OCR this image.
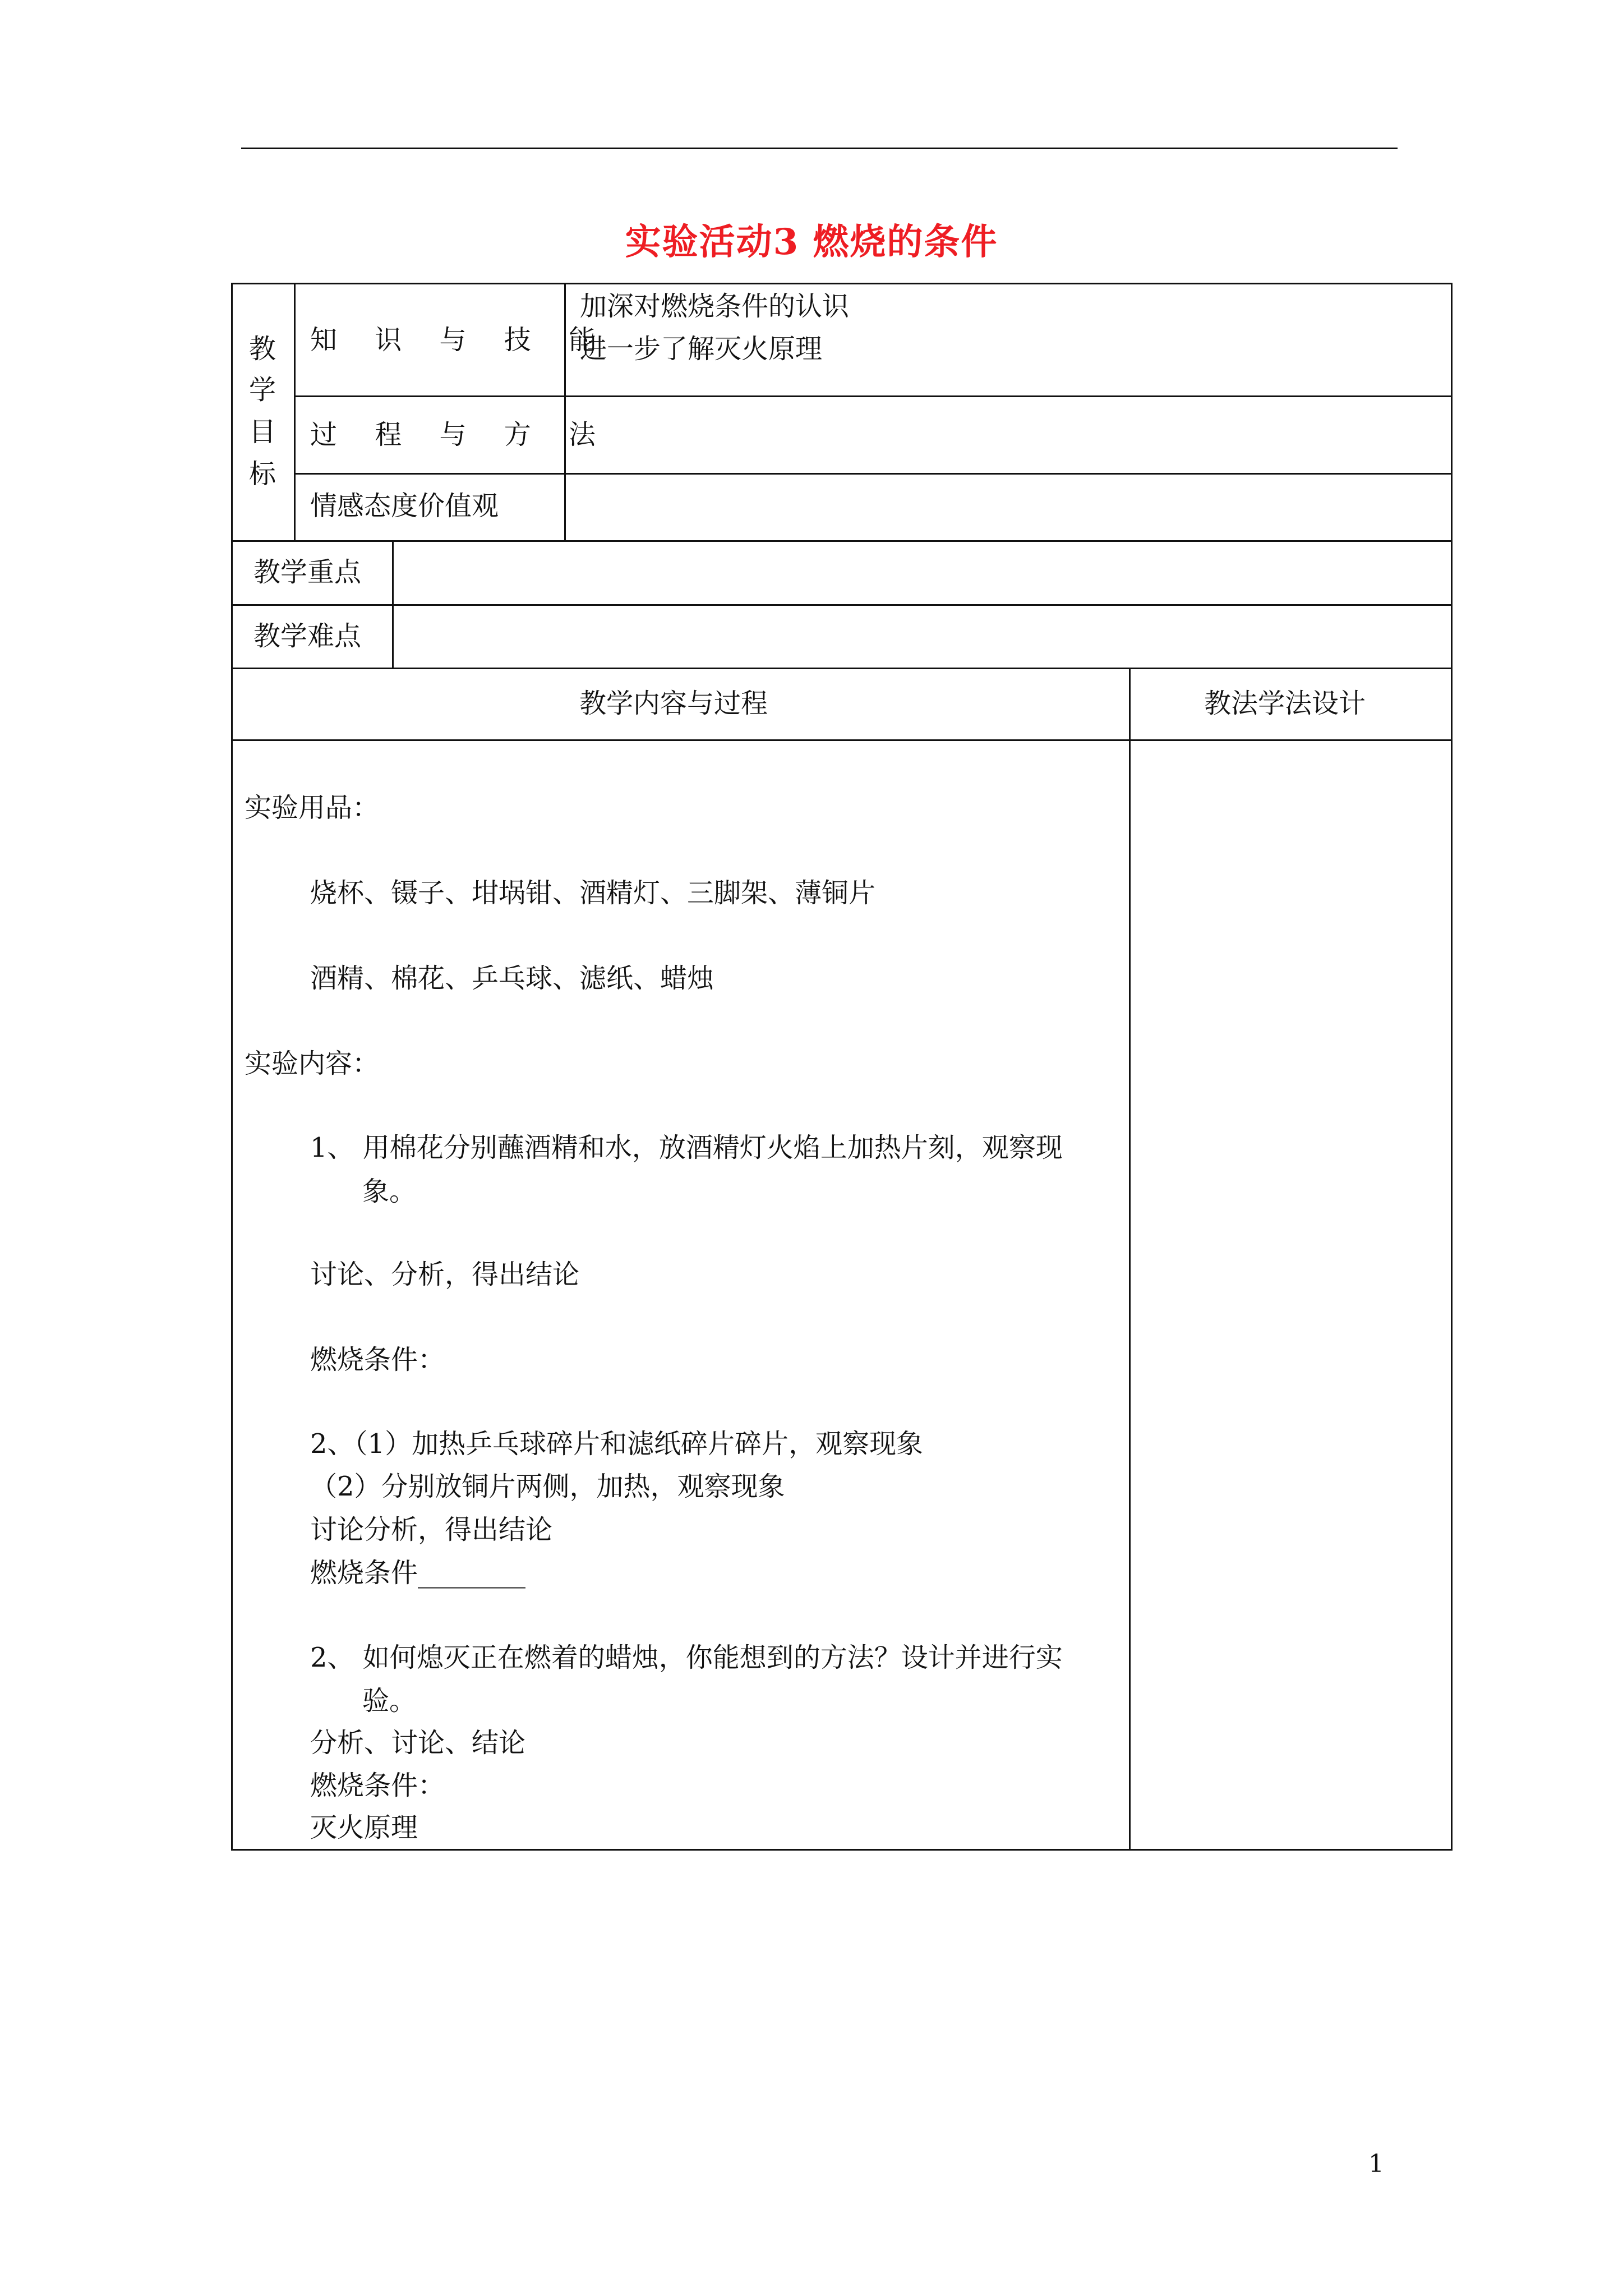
实验活动3 燃烧的条件
教
学
目
标
知 识 与 技 能
加深对燃烧条件的认识
进一步了解灭火原理
过 程 与 方 法
情感态度价值观
教学重点
教学难点
教学内容与过程	教法学法设计
实验用品：
烧杯、镊子、坩埚钳、酒精灯、三脚架、薄铜片
酒精、棉花、乒乓球、滤纸、蜡烛
实验内容：
1、 用棉花分别蘸酒精和水，放酒精灯火焰上加热片刻，观察现
象。
讨论、分析，得出结论
燃烧条件：
2、（1）加热乒乓球碎片和滤纸碎片碎片，观察现象
（2）分别放铜片两侧，加热，观察现象
讨论分析，得出结论
燃烧条件________
2、 如何熄灭正在燃着的蜡烛，你能想到的方法？设计并进行实
验。
分析、讨论、结论
燃烧条件：
灭火原理
1
